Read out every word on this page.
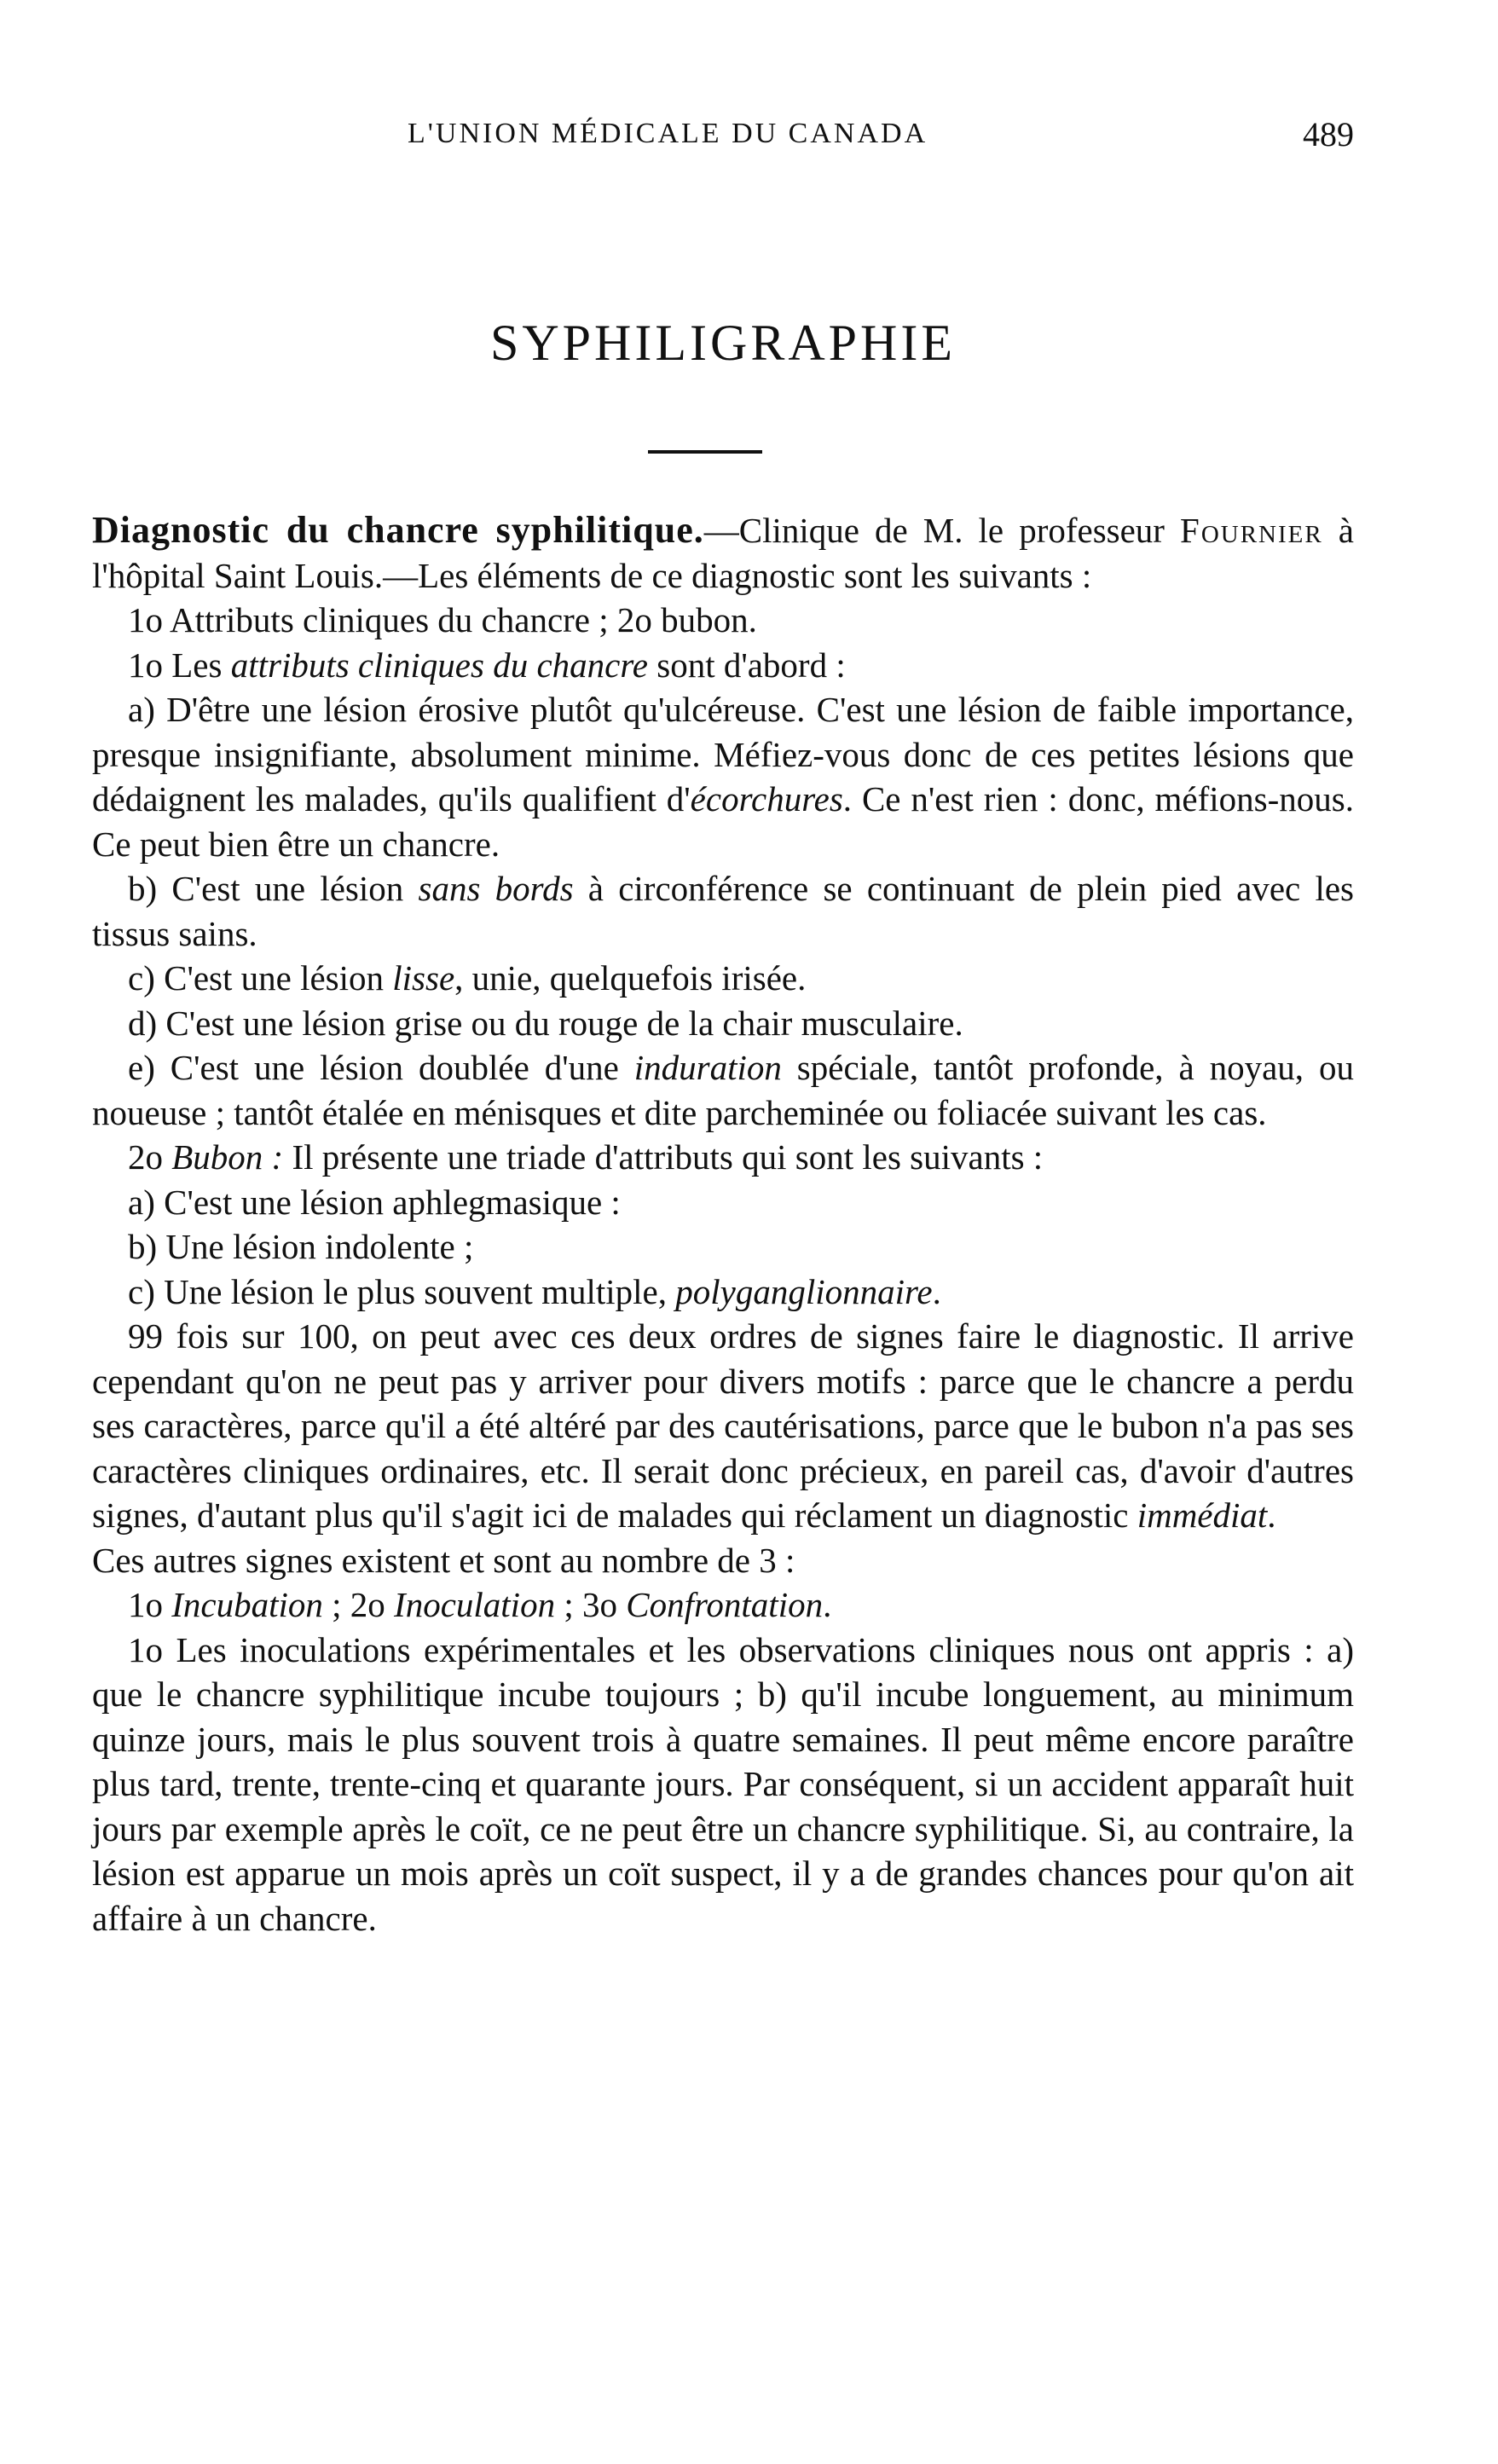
L'UNION MÉDICALE DU CANADA	489
SYPHILIGRAPHIE

Diagnostic du chancre syphilitique.—Clinique de M. le professeur Fournier à l'hôpital Saint Louis.—Les éléments de ce diagnostic sont les suivants :

1o Attributs cliniques du chancre ; 2o bubon.

1o Les attributs cliniques du chancre sont d'abord :

a) D'être une lésion érosive plutôt qu'ulcéreuse. C'est une lésion de faible importance, presque insignifiante, absolument minime. Méfiez-vous donc de ces petites lésions que dédaignent les malades, qu'ils qualifient d'écorchures. Ce n'est rien : donc, méfions-nous. Ce peut bien être un chancre.

b) C'est une lésion sans bords à circonférence se continuant de plein pied avec les tissus sains.

c) C'est une lésion lisse, unie, quelquefois irisée.

d) C'est une lésion grise ou du rouge de la chair musculaire.

e) C'est une lésion doublée d'une induration spéciale, tantôt profonde, à noyau, ou noueuse ; tantôt étalée en ménisques et dite parcheminée ou foliacée suivant les cas.

2o Bubon : Il présente une triade d'attributs qui sont les suivants :

a) C'est une lésion aphlegmasique :

b) Une lésion indolente ;

c) Une lésion le plus souvent multiple, polyganglionnaire.

99 fois sur 100, on peut avec ces deux ordres de signes faire le diagnostic. Il arrive cependant qu'on ne peut pas y arriver pour divers motifs : parce que le chancre a perdu ses caractères, parce qu'il a été altéré par des cautérisations, parce que le bubon n'a pas ses caractères cliniques ordinaires, etc. Il serait donc précieux, en pareil cas, d'avoir d'autres signes, d'autant plus qu'il s'agit ici de malades qui réclament un diagnostic immédiat.

Ces autres signes existent et sont au nombre de 3 :

1o Incubation ; 2o Inoculation ; 3o Confrontation.

1o Les inoculations expérimentales et les observations cliniques nous ont appris : a) que le chancre syphilitique incube toujours ; b) qu'il incube longuement, au minimum quinze jours, mais le plus souvent trois à quatre semaines. Il peut même encore paraître plus tard, trente, trente-cinq et quarante jours. Par conséquent, si un accident apparaît huit jours par exemple après le coït, ce ne peut être un chancre syphilitique. Si, au contraire, la lésion est apparue un mois après un coït suspect, il y a de grandes chances pour qu'on ait affaire à un chancre.
